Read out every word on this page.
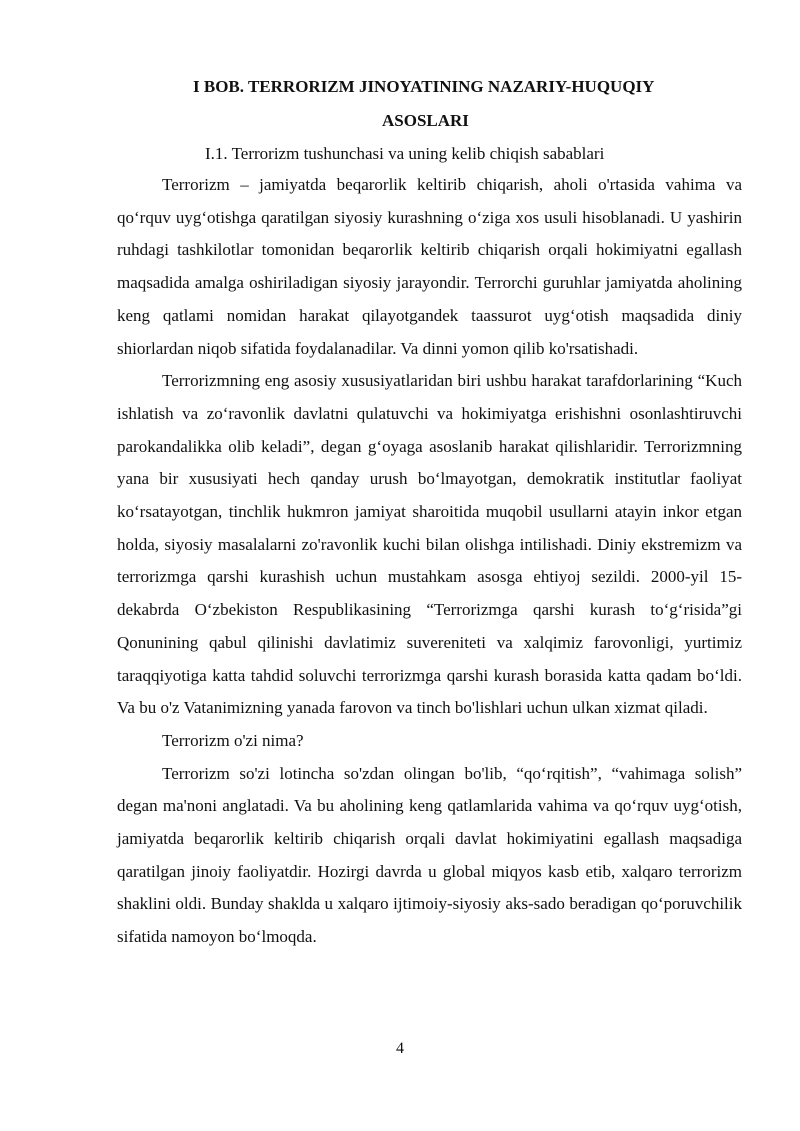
I BOB. TERRORIZM JINOYATINING NAZARIY-HUQUQIY
ASOSLARI
I.1. Terrorizm tushunchasi va uning kelib chiqish sabablari

Terrorizm – jamiyatda beqarorlik keltirib chiqarish, aholi o'rtasida vahima va qo‘rquv uyg‘otishga qaratilgan siyosiy kurashning o‘ziga xos usuli hisoblanadi. U yashirin ruhdagi tashkilotlar tomonidan beqarorlik keltirib chiqarish orqali hokimiyatni egallash maqsadida amalga oshiriladigan siyosiy jarayondir. Terrorchi guruhlar jamiyatda aholining keng qatlami nomidan harakat qilayotgandek taassurot uyg‘otish maqsadida diniy shiorlardan niqob sifatida foydalanadilar. Va dinni yomon qilib ko'rsatishadi.

Terrorizmning eng asosiy xususiyatlaridan biri ushbu harakat tarafdorlarining “Kuch ishlatish va zo‘ravonlik davlatni qulatuvchi va hokimiyatga erishishni osonlashtiruvchi parokandalikka olib keladi”, degan g‘oyaga asoslanib harakat qilishlaridir. Terrorizmning yana bir xususiyati hech qanday urush bo‘lmayotgan, demokratik institutlar faoliyat ko‘rsatayotgan, tinchlik hukmron jamiyat sharoitida muqobil usullarni atayin inkor etgan holda, siyosiy masalalarni zo'ravonlik kuchi bilan olishga intilishadi. Diniy ekstremizm va terrorizmga qarshi kurashish uchun mustahkam asosga ehtiyoj sezildi. 2000-yil 15-dekabrda O‘zbekiston Respublikasining “Terrorizmga qarshi kurash to‘g‘risida”gi Qonunining qabul qilinishi davlatimiz suvereniteti va xalqimiz farovonligi, yurtimiz taraqqiyotiga katta tahdid soluvchi terrorizmga qarshi kurash borasida katta qadam bo‘ldi. Va bu o'z Vatanimizning yanada farovon va tinch bo'lishlari uchun ulkan xizmat qiladi.

Terrorizm o'zi nima?

Terrorizm so'zi lotincha so'zdan olingan bo'lib, “qo‘rqitish”, “vahimaga solish” degan ma'noni anglatadi. Va bu aholining keng qatlamlarida vahima va qo‘rquv uyg‘otish, jamiyatda beqarorlik keltirib chiqarish orqali davlat hokimiyatini egallash maqsadiga qaratilgan jinoiy faoliyatdir. Hozirgi davrda u global miqyos kasb etib, xalqaro terrorizm shaklini oldi. Bunday shaklda u xalqaro ijtimoiy-siyosiy aks-sado beradigan qo‘poruvchilik sifatida namoyon bo‘lmoqda.

4
